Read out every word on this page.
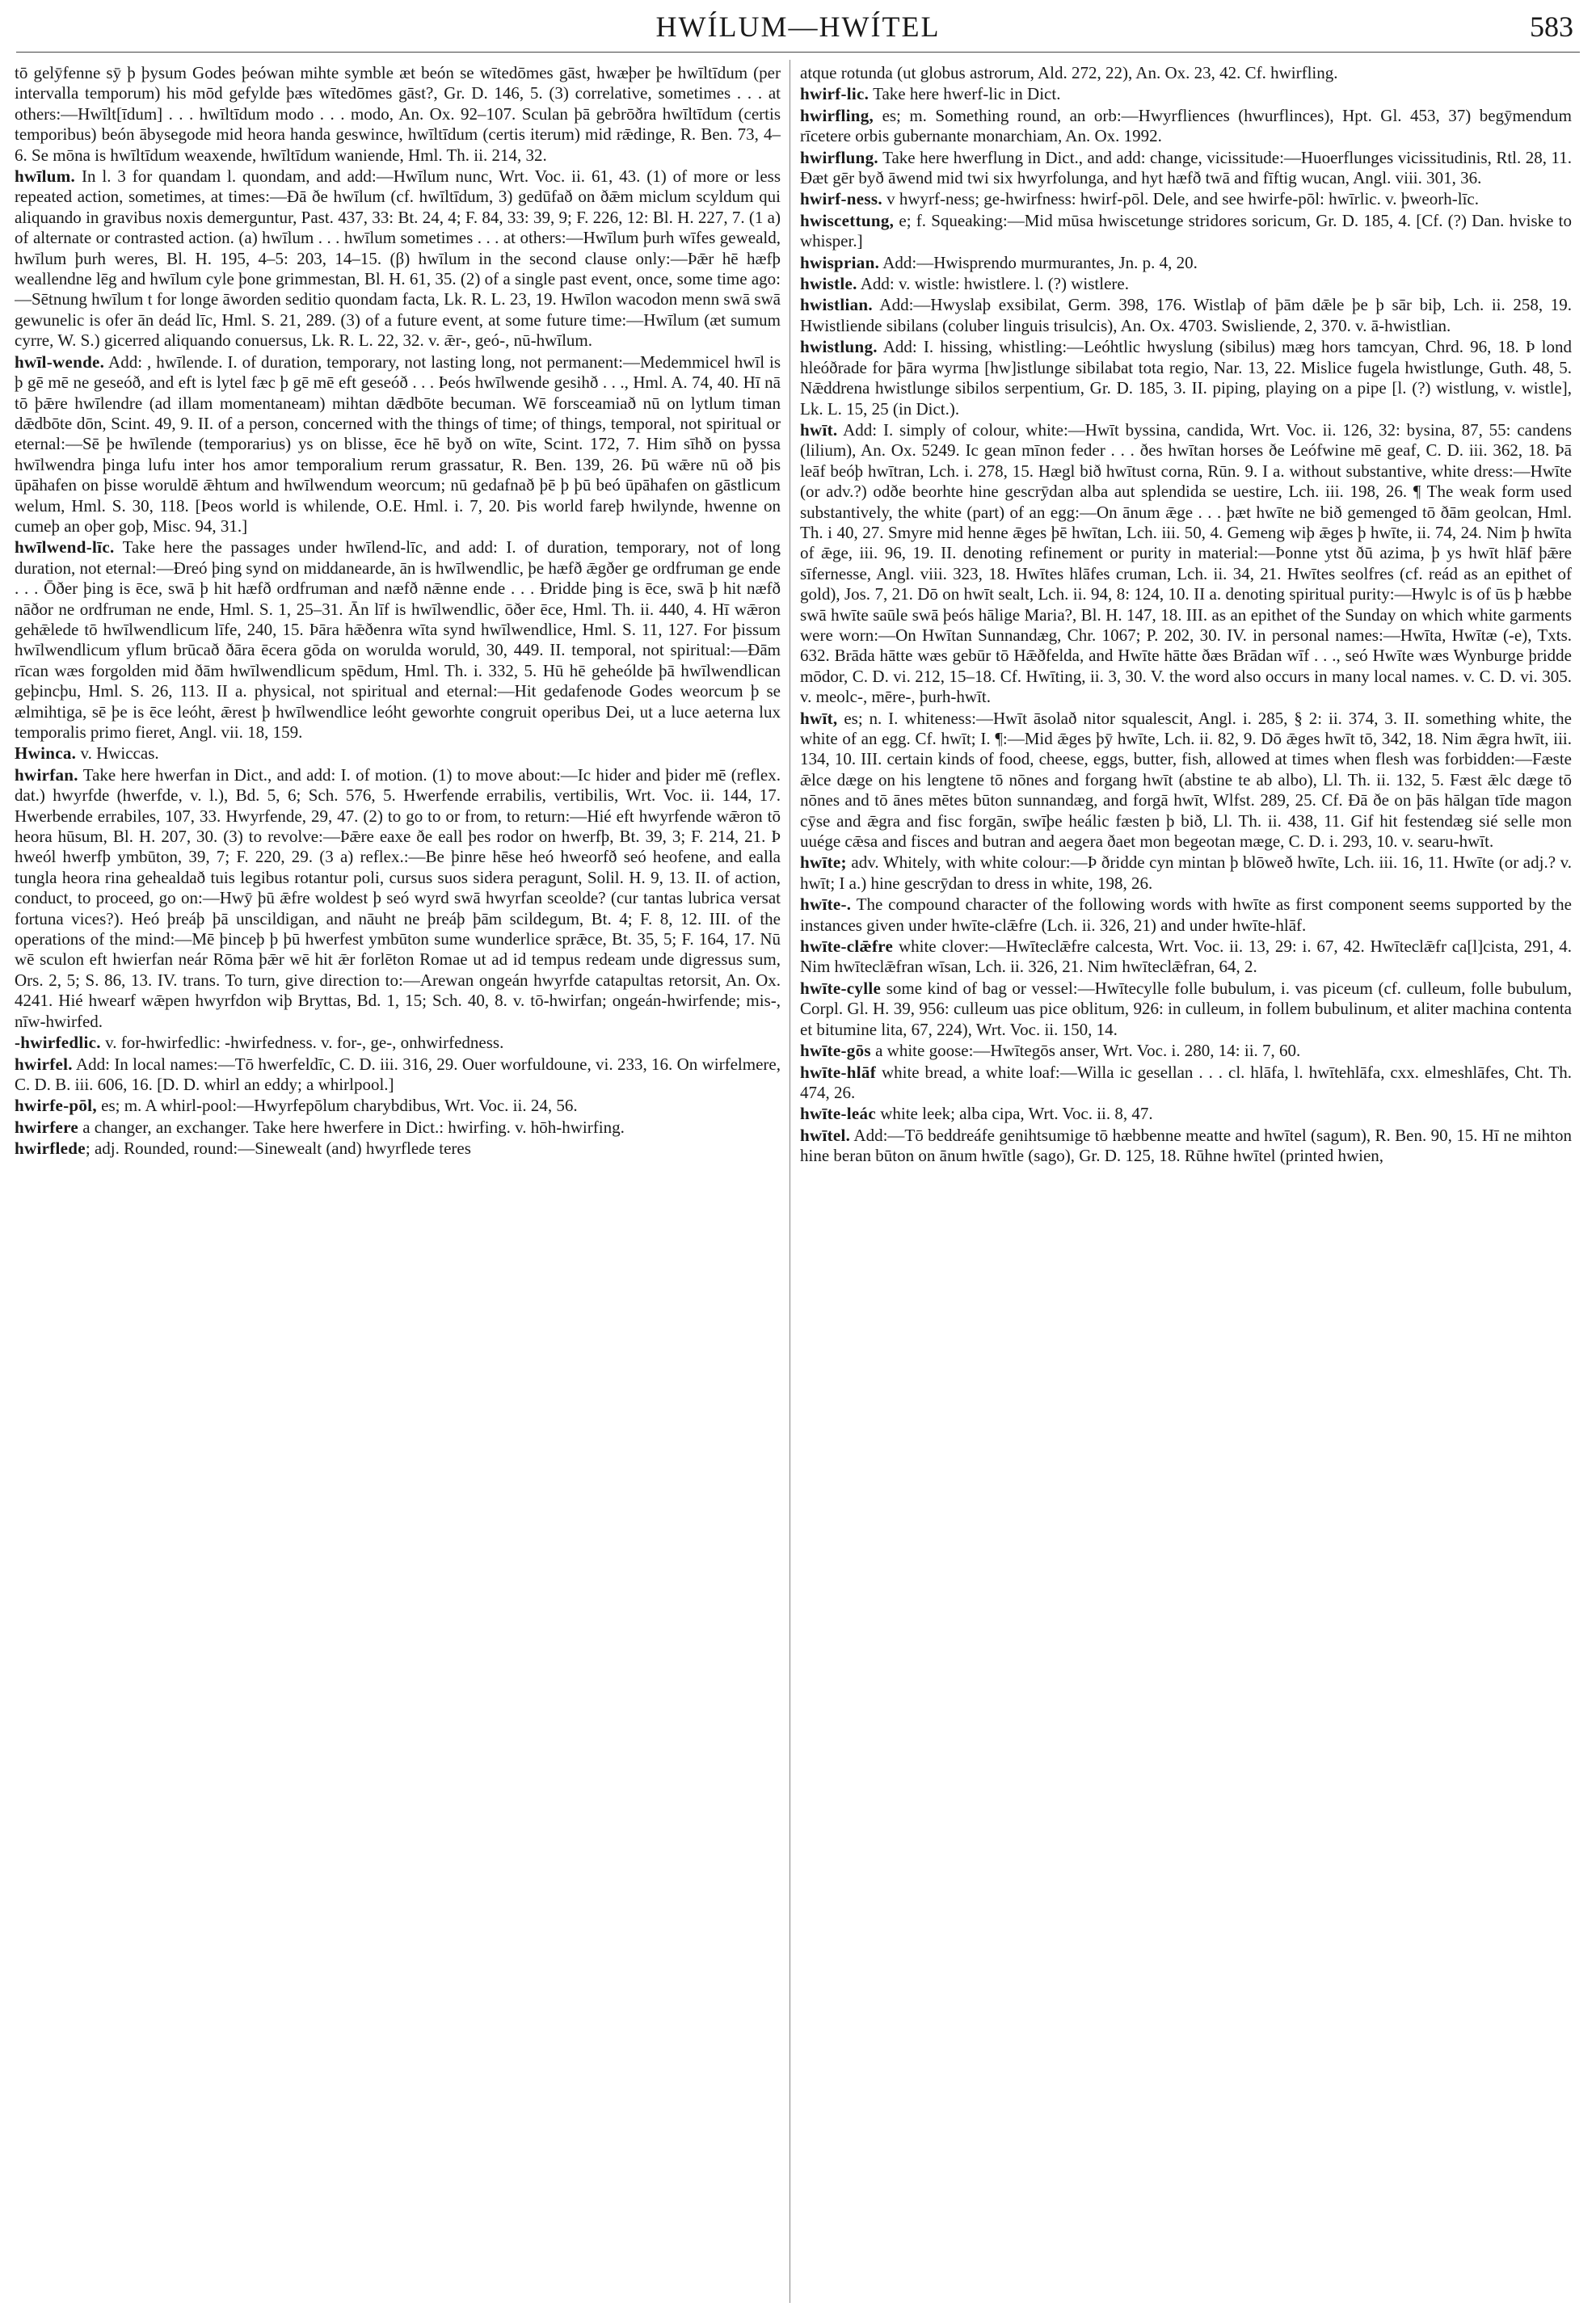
HWÍLUM—HWÍTEL	583

tō gelȳfenne sȳ þ þysum Godes þeówan mihte symble æt beón se wītedōmes gāst, hwæþer þe hwīltīdum (per intervalla temporum) his mōd gefylde þæs wītedōmes gāst?, Gr. D. 146, 5. (3) correlative, sometimes . . . at others:—Hwīlt[īdum] . . . hwīltīdum modo . . . modo, An. Ox. 92–107. Sculan þā gebrōðra hwīltīdum (certis temporibus) beón ābysegode mid heora handa geswince, hwīltīdum (certis iterum) mid rǣdinge, R. Ben. 73, 4–6. Se mōna is hwīltīdum weaxende, hwīltīdum waniende, Hml. Th. ii. 214, 32.

hwīlum. In l. 3 for quandam l. quondam, and add:—Hwīlum nunc, Wrt. Voc. ii. 61, 43. (1) of more or less repeated action, sometimes, at times:—Ðā ðe hwīlum (cf. hwīltīdum, 3) gedūfað on ðǣm miclum scyldum qui aliquando in gravibus noxis demerguntur, Past. 437, 33: Bt. 24, 4; F. 84, 33: 39, 9; F. 226, 12: Bl. H. 227, 7. (1 a) of alternate or contrasted action. (a) hwīlum . . . hwīlum sometimes . . . at others:—Hwīlum þurh wīfes geweald, hwīlum þurh weres, Bl. H. 195, 4–5: 203, 14–15. (β) hwīlum in the second clause only:—Þǣr hē hæfþ weallendne lēg and hwīlum cyle þone grimmestan, Bl. H. 61, 35. (2) of a single past event, once, some time ago:—Sētnung hwīlum t for longe āworden seditio quondam facta, Lk. R. L. 23, 19. Hwīlon wacodon menn swā swā gewunelic is ofer ān deád līc, Hml. S. 21, 289. (3) of a future event, at some future time:—Hwīlum (æt sumum cyrre, W. S.) gicerred aliquando conuersus, Lk. R. L. 22, 32. v. ǣr-, geó-, nū-hwīlum.

hwīl-wende. Add: , hwīlende. I. of duration, temporary, not lasting long, not permanent:—Medemmicel hwīl is þ gē mē ne geseóð, and eft is lytel fæc þ gē mē eft geseóð . . . Þeós hwīlwende gesihð . . ., Hml. A. 74, 40. Hī nā tō þǣre hwīlendre (ad illam momentaneam) mihtan dǣdbōte becuman. Wē forsceamiað nū on lytlum timan dǣdbōte dōn, Scint. 49, 9. II. of a person, concerned with the things of time; of things, temporal, not spiritual or eternal:—Sē þe hwīlende (temporarius) ys on blisse, ēce hē byð on wīte, Scint. 172, 7. Him sīhð on þyssa hwīlwendra þinga lufu inter hos amor temporalium rerum grassatur, R. Ben. 139, 26. Þū wǣre nū oð þis ūpāhafen on þisse woruldē ǣhtum and hwīlwendum weorcum; nū gedafnað þē þ þū beó ūpāhafen on gāstlicum welum, Hml. S. 30, 118. [Þeos world is whilende, O.E. Hml. i. 7, 20. Þis world fareþ hwilynde, hwenne on cumeþ an oþer goþ, Misc. 94, 31.]

hwīlwend-līc. Take here the passages under hwīlend-līc, and add: I. of duration, temporary, not of long duration, not eternal:—Ðreó þing synd on middanearde, ān is hwīlwendlic, þe hæfð ǣgðer ge ordfruman ge ende . . . Ōðer þing is ēce, swā þ hit hæfð ordfruman and næfð nǣnne ende . . . Ðridde þing is ēce, swā þ hit næfð nāðor ne ordfruman ne ende, Hml. S. 1, 25–31. Ān līf is hwīlwendlic, ōðer ēce, Hml. Th. ii. 440, 4. Hī wǣron gehǣlede tō hwīlwendlicum līfe, 240, 15. Þāra hǣðenra wīta synd hwīlwendlice, Hml. S. 11, 127. For þissum hwīlwendlicum yflum brūcað ðāra ēcera gōda on worulda woruld, 30, 449. II. temporal, not spiritual:—Ðām rīcan wæs forgolden mid ðām hwīlwendlicum spēdum, Hml. Th. i. 332, 5. Hū hē geheólde þā hwīlwendlican geþincþu, Hml. S. 26, 113. II a. physical, not spiritual and eternal:—Hit gedafenode Godes weorcum þ se ælmihtiga, sē þe is ēce leóht, ǣrest þ hwīlwendlice leóht geworhte congruit operibus Dei, ut a luce aeterna lux temporalis primo fieret, Angl. vii. 18, 159.

Hwinca. v. Hwiccas.

hwirfan. Take here hwerfan in Dict., and add: I. of motion. (1) to move about:—Ic hider and þider mē (reflex. dat.) hwyrfde (hwerfde, v. l.), Bd. 5, 6; Sch. 576, 5. Hwerfende errabilis, vertibilis, Wrt. Voc. ii. 144, 17. Hwerbende errabiles, 107, 33. Hwyrfende, 29, 47. (2) to go to or from, to return:—Hié eft hwyrfende wǣron tō heora hūsum, Bl. H. 207, 30. (3) to revolve:—Þǣre eaxe ðe eall þes rodor on hwerfþ, Bt. 39, 3; F. 214, 21. Þ hweól hwerfþ ymbūton, 39, 7; F. 220, 29. (3 a) reflex.:—Be þinre hēse heó hweorfð seó heofene, and ealla tungla heora rina gehealdað tuis legibus rotantur poli, cursus suos sidera peragunt, Solil. H. 9, 13. II. of action, conduct, to proceed, go on:—Hwȳ þū ǣfre woldest þ seó wyrd swā hwyrfan sceolde? (cur tantas lubrica versat fortuna vices?). Heó þreáþ þā unscildigan, and nāuht ne þreáþ þām scildegum, Bt. 4; F. 8, 12. III. of the operations of the mind:—Mē þinceþ þ þū hwerfest ymbūton sume wunderlice sprǣce, Bt. 35, 5; F. 164, 17. Nū wē sculon eft hwierfan neár Rōma þǣr wē hit ǣr forlēton Romae ut ad id tempus redeam unde digressus sum, Ors. 2, 5; S. 86, 13. IV. trans. To turn, give direction to:—Arewan ongeán hwyrfde catapultas retorsit, An. Ox. 4241. Hié hwearf wǣpen hwyrfdon wiþ Bryttas, Bd. 1, 15; Sch. 40, 8. v. tō-hwirfan; ongeán-hwirfende; mis-, nīw-hwirfed.

-hwirfedlic. v. for-hwirfedlic: -hwirfedness. v. for-, ge-, onhwirfedness.

hwirfel. Add: In local names:—Tō hwerfeldīc, C. D. iii. 316, 29. Ouer worfuldoune, vi. 233, 16. On wirfelmere, C. D. B. iii. 606, 16. [D. D. whirl an eddy; a whirlpool.]

hwirfe-pōl, es; m. A whirl-pool:—Hwyrfepōlum charybdibus, Wrt. Voc. ii. 24, 56.

hwirfere a changer, an exchanger. Take here hwerfere in Dict.: hwirfing. v. hōh-hwirfing.

hwirflede; adj. Rounded, round:—Sinewealt (and) hwyrflede teres

atque rotunda (ut globus astrorum, Ald. 272, 22), An. Ox. 23, 42. Cf. hwirfling.

hwirf-lic. Take here hwerf-lic in Dict.

hwirfling, es; m. Something round, an orb:—Hwyrfliences (hwurflinces), Hpt. Gl. 453, 37) begȳmendum rīcetere orbis gubernante monarchiam, An. Ox. 1992.

hwirflung. Take here hwerflung in Dict., and add: change, vicissitude:—Huoerflunges vicissitudinis, Rtl. 28, 11. Ðæt gēr byð āwend mid twi six hwyrfolunga, and hyt hæfð twā and fīftig wucan, Angl. viii. 301, 36.

hwirf-ness. v hwyrf-ness; ge-hwirfness: hwirf-pōl. Dele, and see hwirfe-pōl: hwīrlic. v. þweorh-līc.

hwiscettung, e; f. Squeaking:—Mid mūsa hwiscetunge stridores soricum, Gr. D. 185, 4. [Cf. (?) Dan. hviske to whisper.]

hwisprian. Add:—Hwisprendo murmurantes, Jn. p. 4, 20.

hwistle. Add: v. wistle: hwistlere. l. (?) wistlere.

hwistlian. Add:—Hwyslaþ exsibilat, Germ. 398, 176. Wistlaþ of þām dǣle þe þ sār biþ, Lch. ii. 258, 19. Hwistliende sibilans (coluber linguis trisulcis), An. Ox. 4703. Swisliende, 2, 370. v. ā-hwistlian.

hwistlung. Add: I. hissing, whistling:—Leóhtlic hwyslung (sibilus) mæg hors tamcyan, Chrd. 96, 18. Þ lond hleóðrade for þāra wyrma [hw]istlunge sibilabat tota regio, Nar. 13, 22. Mislice fugela hwistlunge, Guth. 48, 5. Nǣddrena hwistlunge sibilos serpentium, Gr. D. 185, 3. II. piping, playing on a pipe [l. (?) wistlung, v. wistle], Lk. L. 15, 25 (in Dict.).

hwīt. Add: I. simply of colour, white:—Hwīt byssina, candida, Wrt. Voc. ii. 126, 32: bysina, 87, 55: candens (lilium), An. Ox. 5249. Ic gean mīnon feder . . . ðes hwītan horses ðe Leófwine mē geaf, C. D. iii. 362, 18. Þā leāf beóþ hwītran, Lch. i. 278, 15. Hægl bið hwītust corna, Rūn. 9. I a. without substantive, white dress:—Hwīte (or adv.?) odðe beorhte hine gescrȳdan alba aut splendida se uestire, Lch. iii. 198, 26. ¶ The weak form used substantively, the white (part) of an egg:—On ānum ǣge . . . þæt hwīte ne bið gemenged tō ðām geolcan, Hml. Th. i 40, 27. Smyre mid henne ǣges þē hwītan, Lch. iii. 50, 4. Gemeng wiþ ǣges þ hwīte, ii. 74, 24. Nim þ hwīta of ǣge, iii. 96, 19. II. denoting refinement or purity in material:—Þonne ytst ðū azima, þ ys hwīt hlāf þǣre sīfernesse, Angl. viii. 323, 18. Hwītes hlāfes cruman, Lch. ii. 34, 21. Hwītes seolfres (cf. reád as an epithet of gold), Jos. 7, 21. Dō on hwīt sealt, Lch. ii. 94, 8: 124, 10. II a. denoting spiritual purity:—Hwylc is of ūs þ hæbbe swā hwīte saūle swā þeós hālige Maria?, Bl. H. 147, 18. III. as an epithet of the Sunday on which white garments were worn:—On Hwītan Sunnandæg, Chr. 1067; P. 202, 30. IV. in personal names:—Hwīta, Hwītæ (-e), Txts. 632. Brāda hātte wæs gebūr tō Hǣðfelda, and Hwīte hātte ðæs Brādan wīf . . ., seó Hwīte wæs Wynburge þridde mōdor, C. D. vi. 212, 15–18. Cf. Hwīting, ii. 3, 30. V. the word also occurs in many local names. v. C. D. vi. 305. v. meolc-, mēre-, þurh-hwīt.

hwīt, es; n. I. whiteness:—Hwīt āsolað nitor squalescit, Angl. i. 285, § 2: ii. 374, 3. II. something white, the white of an egg. Cf. hwīt; I. ¶:—Mid ǣges þȳ hwīte, Lch. ii. 82, 9. Dō ǣges hwīt tō, 342, 18. Nim ǣgra hwīt, iii. 134, 10. III. certain kinds of food, cheese, eggs, butter, fish, allowed at times when flesh was forbidden:—Fæste ǣlce dæge on his lengtene tō nōnes and forgang hwīt (abstine te ab albo), Ll. Th. ii. 132, 5. Fæst ǣlc dæge tō nōnes and tō ānes mētes būton sunnandæg, and forgā hwīt, Wlfst. 289, 25. Cf. Ðā ðe on þās hālgan tīde magon cȳse and ǣgra and fisc forgān, swīþe heálic fæsten þ bið, Ll. Th. ii. 438, 11. Gif hit festendæg sié selle mon uuége cǣsa and fisces and butran and aegera ðaet mon begeotan mæge, C. D. i. 293, 10. v. searu-hwīt.

hwīte; adv. Whitely, with white colour:—Þ ðridde cyn mintan þ blōweð hwīte, Lch. iii. 16, 11. Hwīte (or adj.? v. hwīt; I a.) hine gescrȳdan to dress in white, 198, 26.

hwīte-. The compound character of the following words with hwīte as first component seems supported by the instances given under hwīte-clǣfre (Lch. ii. 326, 21) and under hwīte-hlāf.

hwīte-clǣfre white clover:—Hwīteclǣfre calcesta, Wrt. Voc. ii. 13, 29: i. 67, 42. Hwīteclǣfr ca[l]cista, 291, 4. Nim hwīteclǣfran wīsan, Lch. ii. 326, 21. Nim hwīteclǣfran, 64, 2.

hwīte-cylle some kind of bag or vessel:—Hwītecylle folle bubulum, i. vas piceum (cf. culleum, folle bubulum, Corpl. Gl. H. 39, 956: culleum uas pice oblitum, 926: in culleum, in follem bubulinum, et aliter machina contenta et bitumine lita, 67, 224), Wrt. Voc. ii. 150, 14.

hwīte-gōs a white goose:—Hwītegōs anser, Wrt. Voc. i. 280, 14: ii. 7, 60.

hwīte-hlāf white bread, a white loaf:—Willa ic gesellan . . . cl. hlāfa, l. hwītehlāfa, cxx. elmeshlāfes, Cht. Th. 474, 26.

hwīte-leác white leek; alba cipa, Wrt. Voc. ii. 8, 47.

hwītel. Add:—Tō beddreáfe genihtsumige tō hæbbenne meatte and hwītel (sagum), R. Ben. 90, 15. Hī ne mihton hine beran būton on ānum hwītle (sago), Gr. D. 125, 18. Rūhne hwītel (printed hwien,
